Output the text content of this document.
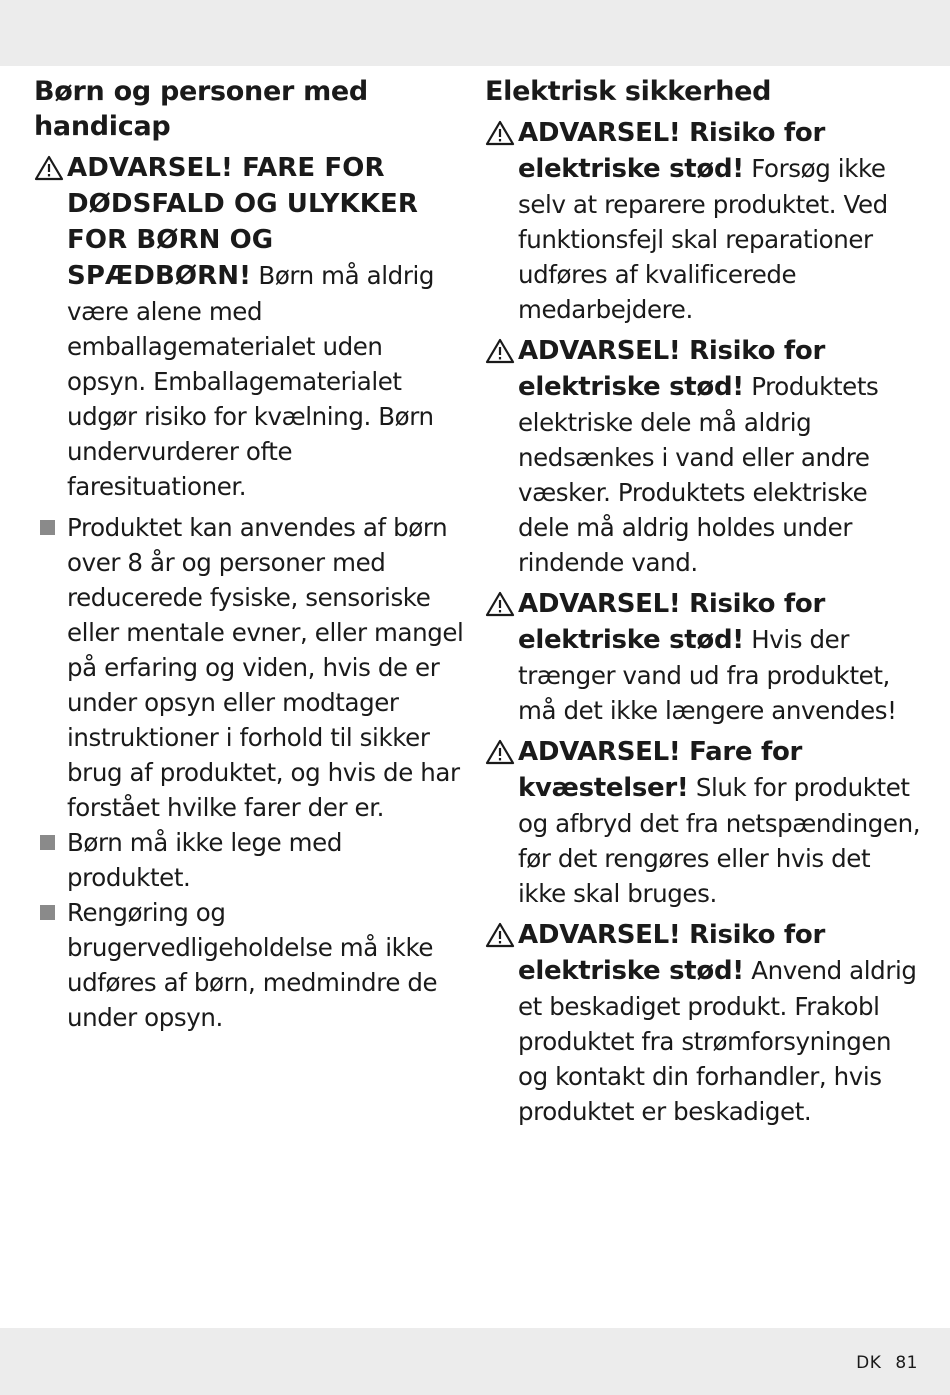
Børn og personer med handicap
ADVARSEL! FARE FOR DØDSFALD OG ULYKKER FOR BØRN OG SPÆDBØRN! Børn må aldrig være alene med emballagematerialet uden opsyn. Emballagematerialet udgør risiko for kvælning. Børn undervurderer ofte faresituationer.
Produktet kan anvendes af børn over 8 år og personer med reducerede fysiske, sensoriske eller mentale evner, eller mangel på erfaring og viden, hvis de er under opsyn eller modtager instruktioner i forhold til sikker brug af produktet, og hvis de har forstået hvilke farer der er.
Børn må ikke lege med produktet.
Rengøring og brugervedligeholdelse må ikke udføres af børn, medmindre de under opsyn.
Elektrisk sikkerhed
ADVARSEL! Risiko for elektriske stød! Forsøg ikke selv at reparere produktet. Ved funktionsfejl skal reparationer udføres af kvalificerede medarbejdere.
ADVARSEL! Risiko for elektriske stød! Produktets elektriske dele må aldrig nedsænkes i vand eller andre væsker. Produktets elektriske dele må aldrig holdes under rindende vand.
ADVARSEL! Risiko for elektriske stød! Hvis der trænger vand ud fra produktet, må det ikke længere anvendes!
ADVARSEL! Fare for kvæstelser! Sluk for produktet og afbryd det fra netspændingen, før det rengøres eller hvis det ikke skal bruges.
ADVARSEL! Risiko for elektriske stød! Anvend aldrig et beskadiget produkt. Frakobl produktet fra strømforsyningen og kontakt din forhandler, hvis produktet er beskadiget.
DK 81
